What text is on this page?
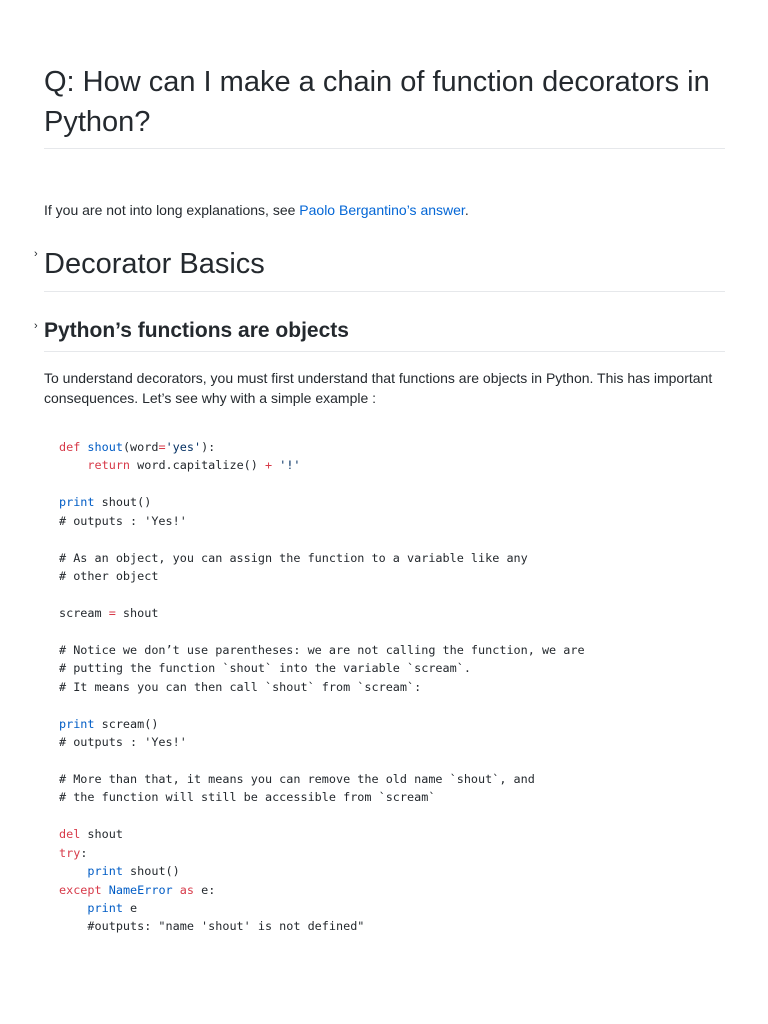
Q: How can I make a chain of function decorators in Python?

If you are not into long explanations, see Paolo Bergantino’s answer.

› Decorator Basics
› Python’s functions are objects

To understand decorators, you must first understand that functions are objects in Python. This has important consequences. Let’s see why with a simple example :

def shout(word='yes'):
return word.capitalize() + '!'
print shout()
# outputs : 'Yes!'
# As an object, you can assign the function to a variable like any
# other object
scream = shout
# Notice we don’t use parentheses: we are not calling the function, we are
# putting the function `shout` into the variable `scream`.
# It means you can then call `shout` from `scream`:
print scream()
# outputs : 'Yes!'
# More than that, it means you can remove the old name `shout`, and
# the function will still be accessible from `scream`
del shout
try:
print shout()
except NameError as e:
print e
#outputs: "name 'shout' is not defined"
